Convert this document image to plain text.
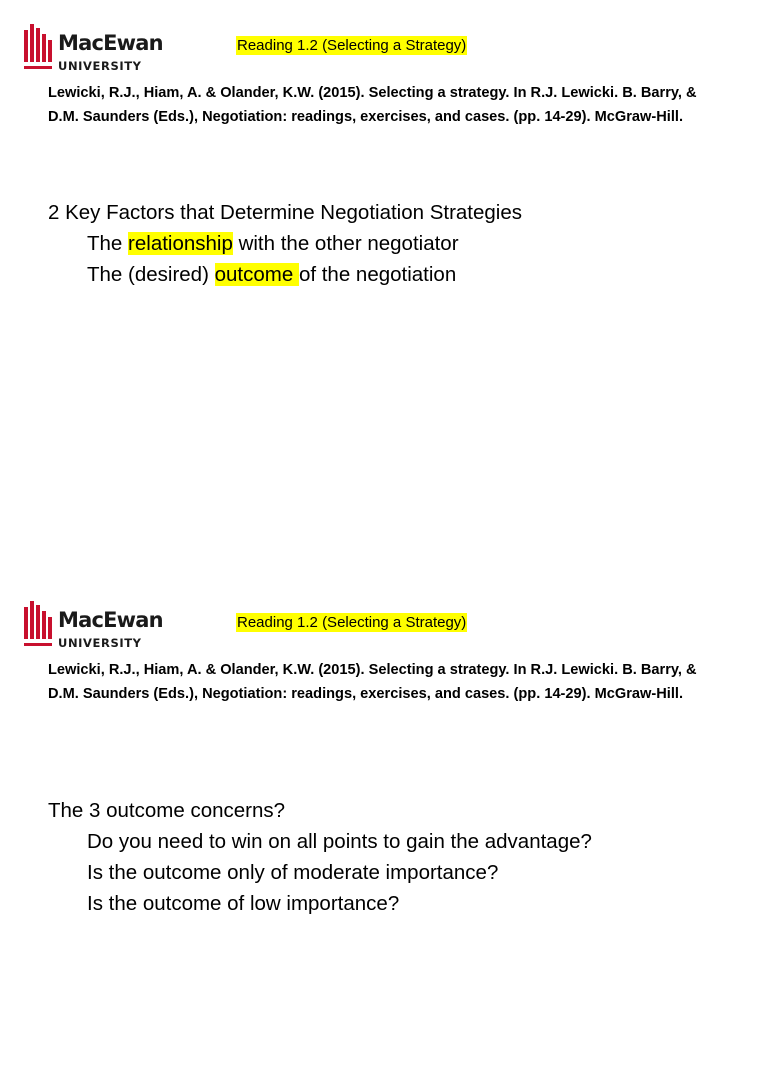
MacEwan
UNIVERSITY
Reading 1.2 (Selecting a Strategy)
Lewicki, R.J., Hiam, A. & Olander, K.W. (2015). Selecting a strategy. In R.J. Lewicki. B. Barry, & D.M. Saunders (Eds.), Negotiation: readings, exercises, and cases. (pp. 14-29). McGraw-Hill.
2 Key Factors that Determine Negotiation Strategies
The relationship with the other negotiator
The (desired) outcome of the negotiation
MacEwan
UNIVERSITY
Reading 1.2 (Selecting a Strategy)
Lewicki, R.J., Hiam, A. & Olander, K.W. (2015). Selecting a strategy. In R.J. Lewicki. B. Barry, & D.M. Saunders (Eds.), Negotiation: readings, exercises, and cases. (pp. 14-29). McGraw-Hill.
The 3 outcome concerns?
Do you need to win on all points to gain the advantage?
Is the outcome only of moderate importance?
Is the outcome of low importance?
